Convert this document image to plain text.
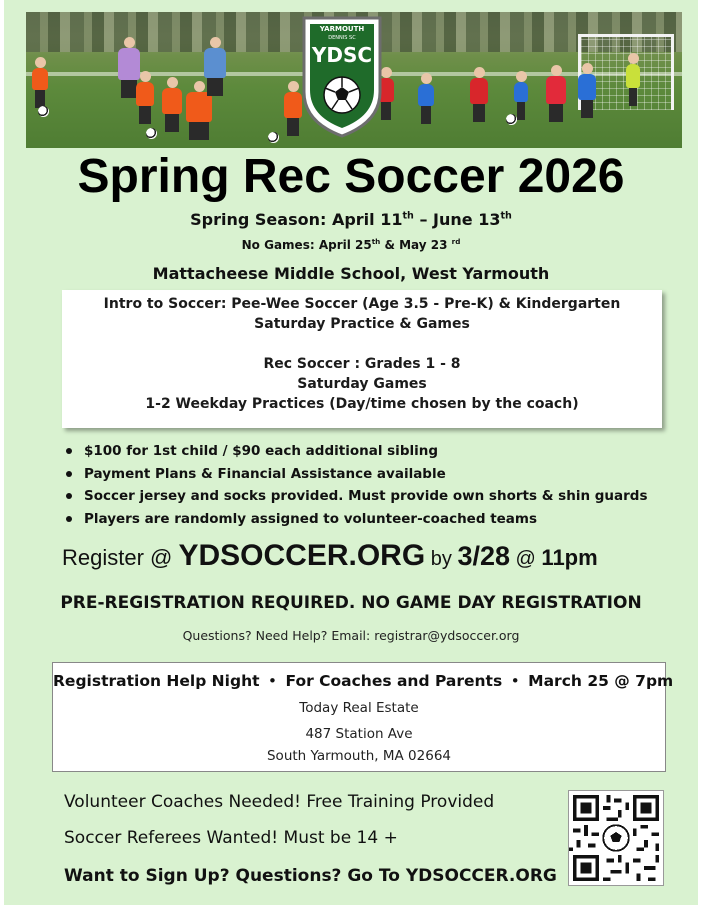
YARMOUTH
DENNIS SC
YDSC
Spring Rec Soccer 2026
Spring Season: April 11th – June 13th
No Games: April 25th & May 23 $^{rd}$
Mattacheese Middle School, West Yarmouth
Intro to Soccer: Pee-Wee Soccer (Age 3.5 - Pre-K) & Kindergarten
Saturday Practice & Games
Rec Soccer : Grades 1 - 8
Saturday Games
1-2 Weekday Practices (Day/time chosen by the coach)
$100 for 1st child / $90 each additional sibling
Payment Plans & Financial Assistance available
Soccer jersey and socks provided. Must provide own shorts & shin guards
Players are randomly assigned to volunteer-coached teams
Register @ YDSOCCER.ORG by 3/28 @ 11pm
PRE-REGISTRATION REQUIRED. NO GAME DAY REGISTRATION
Questions? Need Help? Email: registrar@ydsoccer.org
Registration Help Night • For Coaches and Parents • March 25 @ 7pm
Today Real Estate
487 Station Ave
South Yarmouth, MA 02664
Volunteer Coaches Needed! Free Training Provided
Soccer Referees Wanted! Must be 14 +
Want to Sign Up? Questions? Go To YDSOCCER.ORG
